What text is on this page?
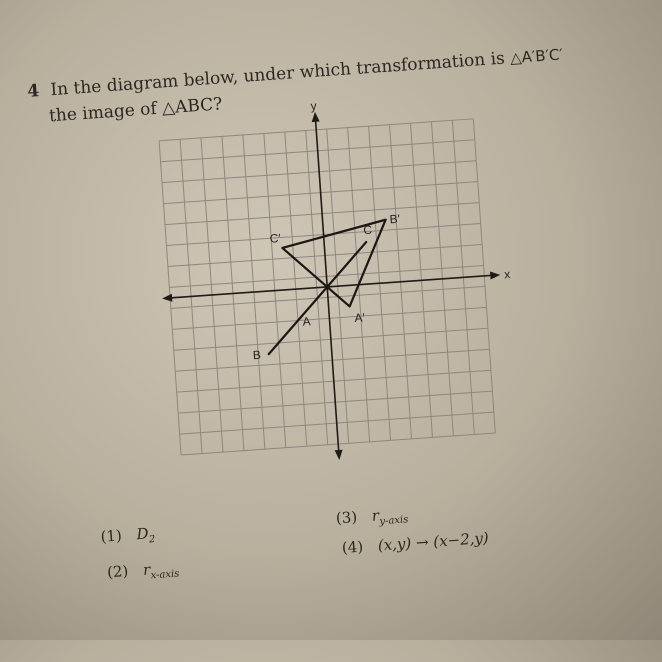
4 In the diagram below, under which transformation is △A′B′C′
the image of △ABC?
A
B
C
A′
B′
C′
x
y
(1) $D_2$
(2) $r_{x-axis}$
(3) $r_{y-axis}$
(4) (x,y) → (x−2,y)
